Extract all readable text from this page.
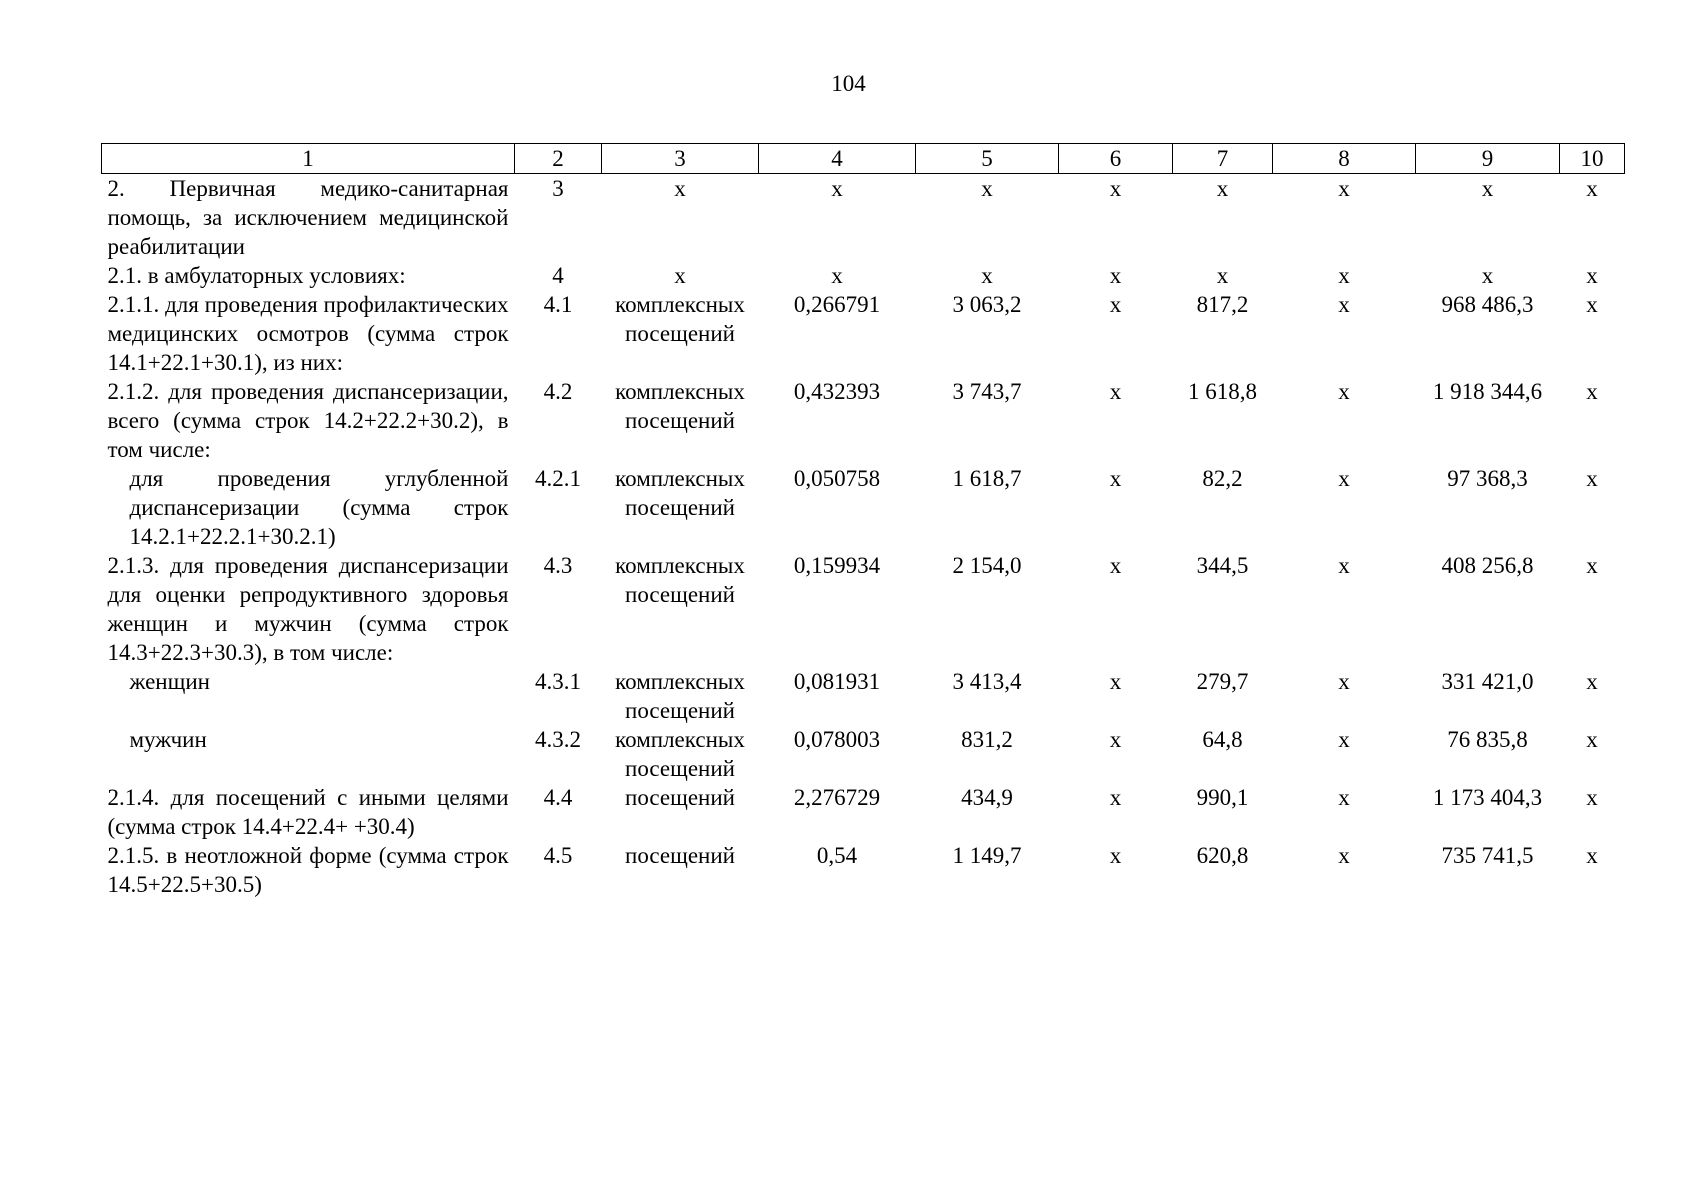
104
1	2	3	4	5	6	7	8	9	10
2. Первичная медико-санитарная помощь, за исключением медицинской реабилитации	3	х	х	х	х	х	х	х	х
2.1. в амбулаторных условиях:	4	х	х	х	х	х	х	х	х
2.1.1. для проведения профилактических медицинских осмотров (сумма строк 14.1+22.1+30.1), из них:	4.1	комплексных посещений	0,266791	3 063,2	х	817,2	х	968 486,3	х
2.1.2. для проведения диспансеризации, всего (сумма строк 14.2+22.2+30.2), в том числе:	4.2	комплексных посещений	0,432393	3 743,7	х	1 618,8	х	1 918 344,6	х
для проведения углубленной диспансеризации (сумма строк 14.2.1+22.2.1+30.2.1)	4.2.1	комплексных посещений	0,050758	1 618,7	х	82,2	х	97 368,3	х
2.1.3. для проведения диспансеризации для оценки репродуктивного здоровья женщин и мужчин (сумма строк 14.3+22.3+30.3), в том числе:	4.3	комплексных посещений	0,159934	2 154,0	х	344,5	х	408 256,8	х
женщин	4.3.1	комплексных посещений	0,081931	3 413,4	х	279,7	х	331 421,0	х
мужчин	4.3.2	комплексных посещений	0,078003	831,2	х	64,8	х	76 835,8	х
2.1.4. для посещений с иными целями (сумма строк 14.4+22.4+ +30.4)	4.4	посещений	2,276729	434,9	х	990,1	х	1 173 404,3	х
2.1.5. в неотложной форме (сумма строк 14.5+22.5+30.5)	4.5	посещений	0,54	1 149,7	х	620,8	х	735 741,5	х
